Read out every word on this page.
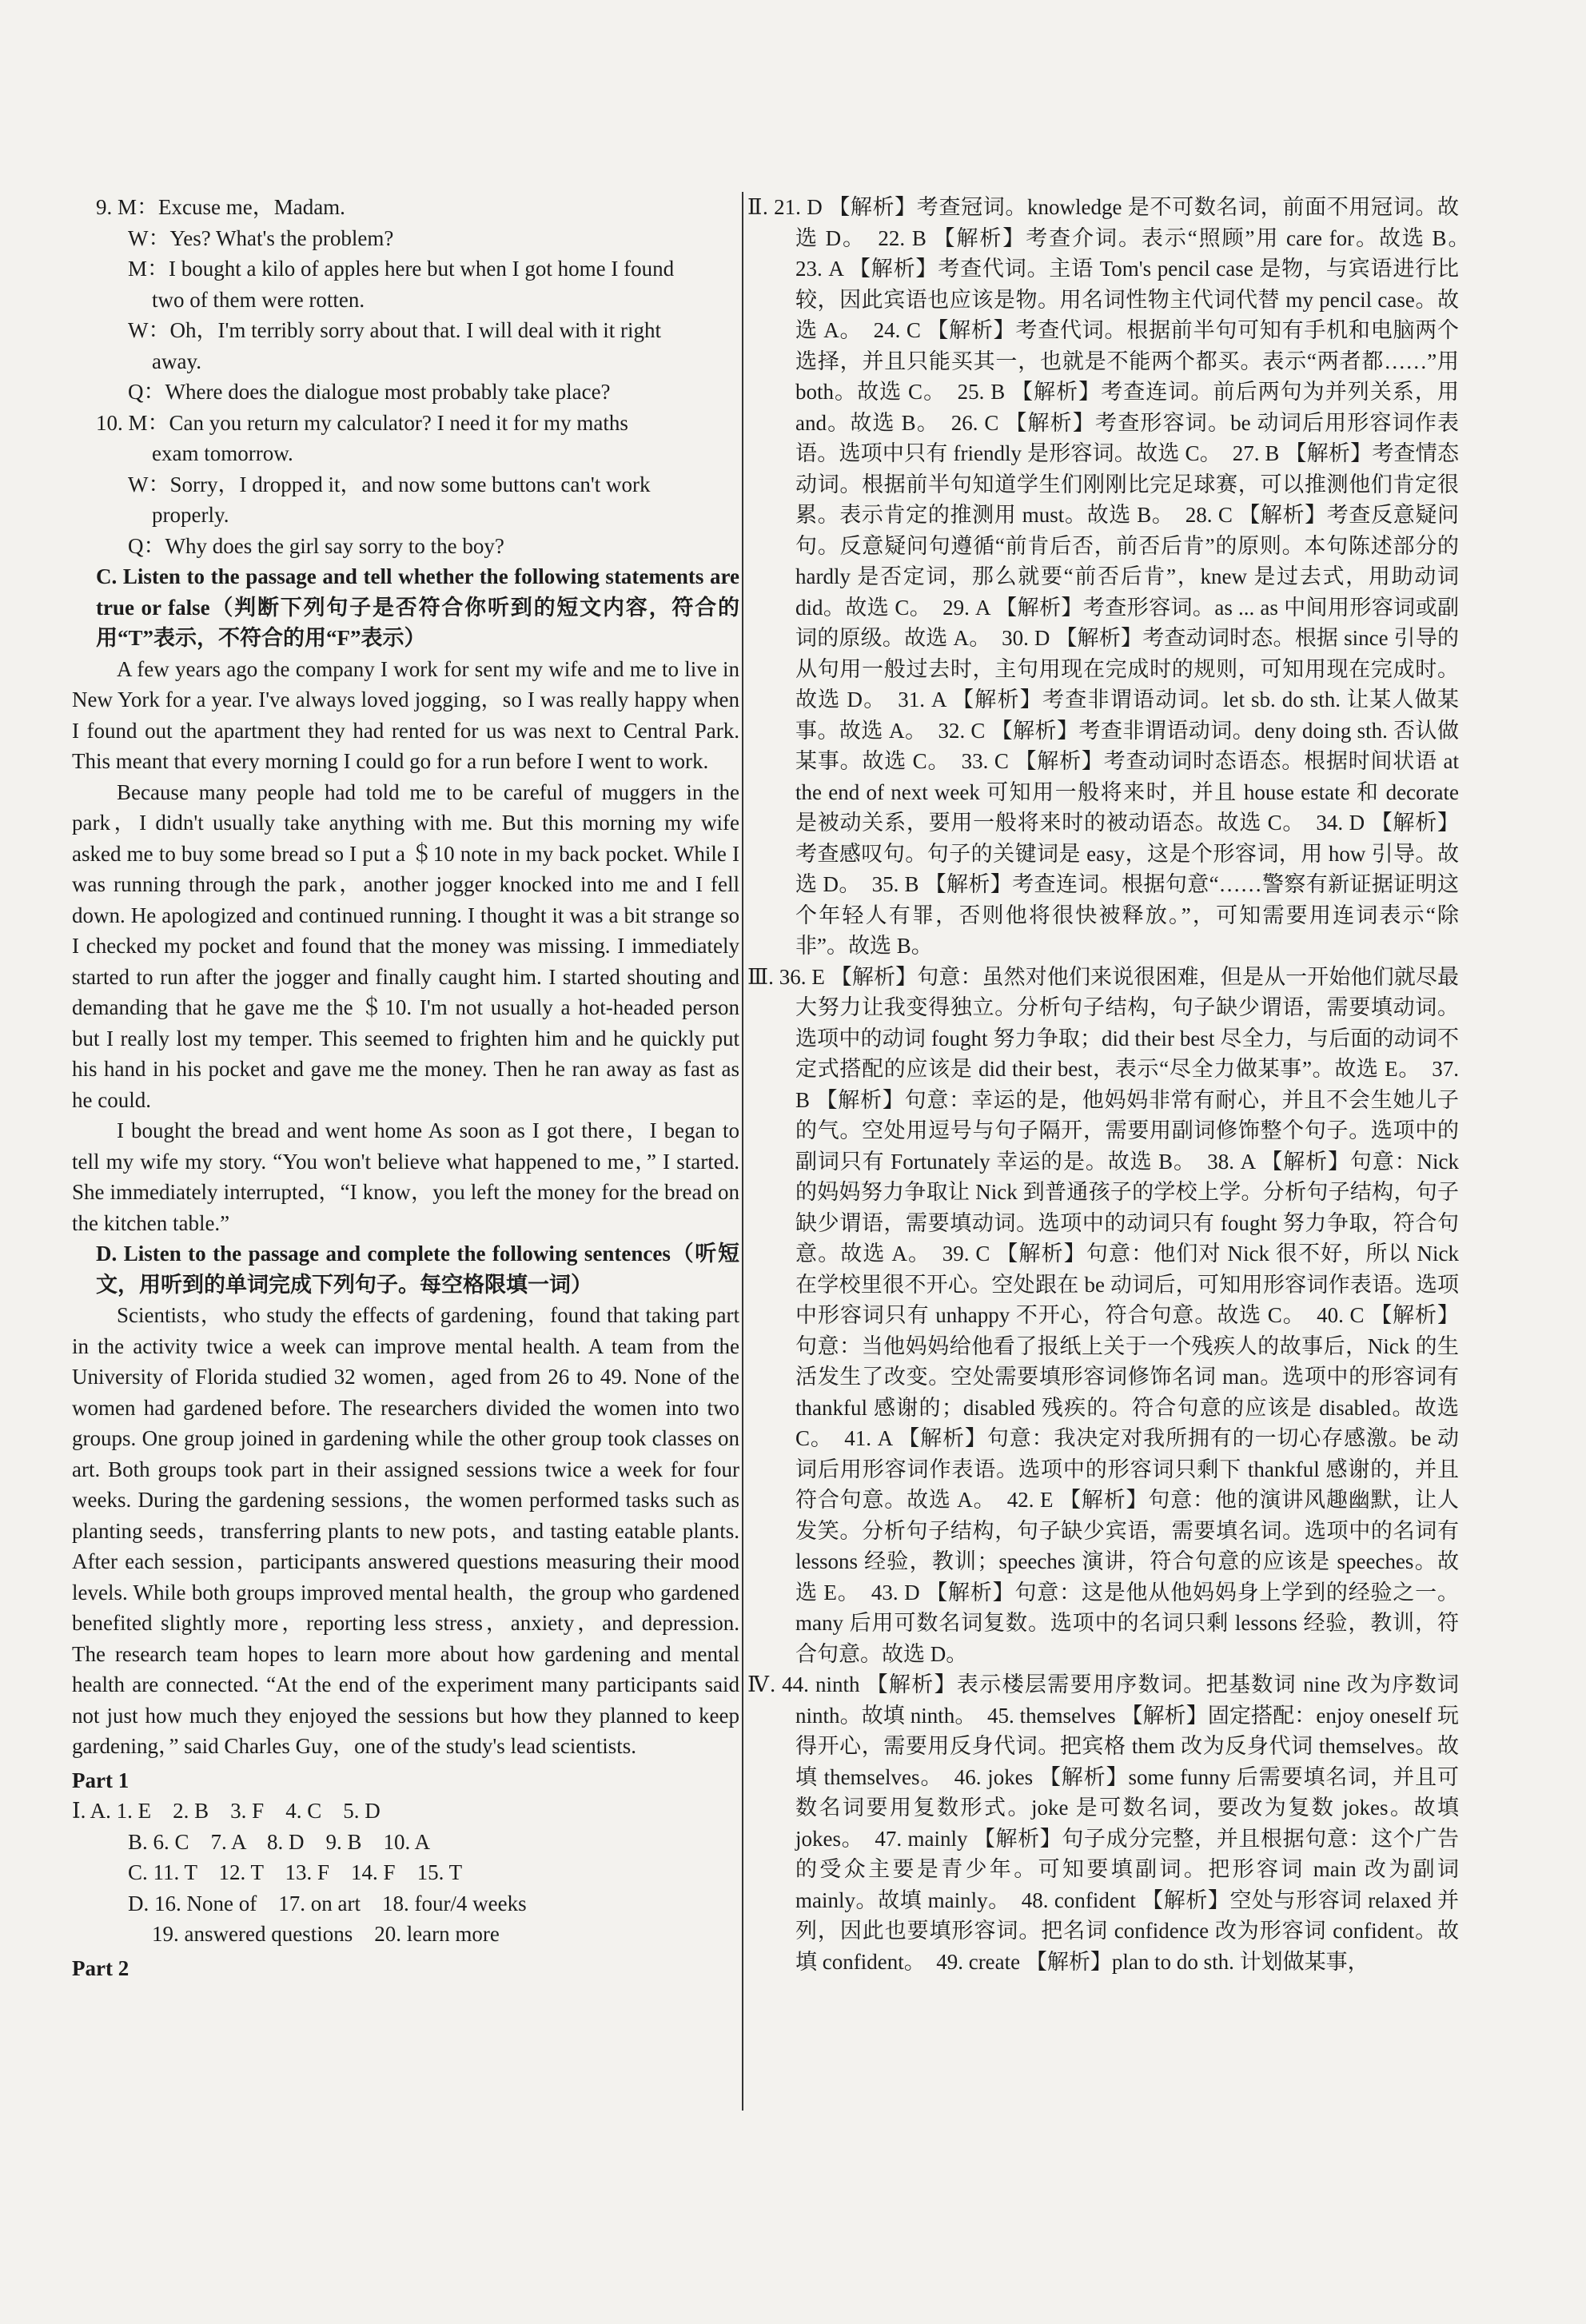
9. M：Excuse me，Madam.

W：Yes? What's the problem?

M：I bought a kilo of apples here but when I got home I found

two of them were rotten.

W：Oh，I'm terribly sorry about that. I will deal with it right

away.

Q：Where does the dialogue most probably take place?

10. M：Can you return my calculator? I need it for my maths

exam tomorrow.

W：Sorry，I dropped it，and now some buttons can't work

properly.

Q：Why does the girl say sorry to the boy?

C. Listen to the passage and tell whether the following statements are true or false（判断下列句子是否符合你听到的短文内容，符合的用“T”表示，不符合的用“F”表示）

A few years ago the company I work for sent my wife and me to live in New York for a year. I've always loved jogging，so I was really happy when I found out the apartment they had rented for us was next to Central Park. This meant that every morning I could go for a run before I went to work.

Because many people had told me to be careful of muggers in the park，I didn't usually take anything with me. But this morning my wife asked me to buy some bread so I put a ＄10 note in my back pocket. While I was running through the park，another jogger knocked into me and I fell down. He apologized and continued running. I thought it was a bit strange so I checked my pocket and found that the money was missing. I immediately started to run after the jogger and finally caught him. I started shouting and demanding that he gave me the ＄10. I'm not usually a hot-headed person but I really lost my temper. This seemed to frighten him and he quickly put his hand in his pocket and gave me the money. Then he ran away as fast as he could.

I bought the bread and went home As soon as I got there，I began to tell my wife my story. “You won't believe what happened to me，” I started. She immediately interrupted，“I know，you left the money for the bread on the kitchen table.”

D. Listen to the passage and complete the following sentences（听短文，用听到的单词完成下列句子。每空格限填一词）

Scientists，who study the effects of gardening，found that taking part in the activity twice a week can improve mental health. A team from the University of Florida studied 32 women，aged from 26 to 49. None of the women had gardened before. The researchers divided the women into two groups. One group joined in gardening while the other group took classes on art. Both groups took part in their assigned sessions twice a week for four weeks. During the gardening sessions，the women performed tasks such as planting seeds，transferring plants to new pots，and tasting eatable plants. After each session，participants answered questions measuring their mood levels. While both groups improved mental health，the group who gardened benefited slightly more，reporting less stress，anxiety，and depression. The research team hopes to learn more about how gardening and mental health are connected. “At the end of the experiment many participants said not just how much they enjoyed the sessions but how they planned to keep gardening，” said Charles Guy，one of the study's lead scientists.

Part 1

Ⅰ. A. 1. E　2. B　3. F　4. C　5. D

B. 6. C　7. A　8. D　9. B　10. A

C. 11. T　12. T　13. F　14. F　15. T

D. 16. None of　17. on art　18. four/4 weeks

19. answered questions　20. learn more

Part 2

Ⅱ. 21. D 【解析】考查冠词。knowledge 是不可数名词，前面不用冠词。故选 D。　22. B 【解析】考查介词。表示“照顾”用 care for。故选 B。　23. A 【解析】考查代词。主语 Tom's pencil case 是物，与宾语进行比较，因此宾语也应该是物。用名词性物主代词代替 my pencil case。故选 A。　24. C 【解析】考查代词。根据前半句可知有手机和电脑两个选择，并且只能买其一，也就是不能两个都买。表示“两者都……”用 both。故选 C。　25. B 【解析】考查连词。前后两句为并列关系，用 and。故选 B。　26. C 【解析】考查形容词。be 动词后用形容词作表语。选项中只有 friendly 是形容词。故选 C。　27. B 【解析】考查情态动词。根据前半句知道学生们刚刚比完足球赛，可以推测他们肯定很累。表示肯定的推测用 must。故选 B。　28. C 【解析】考查反意疑问句。反意疑问句遵循“前肯后否，前否后肯”的原则。本句陈述部分的 hardly 是否定词，那么就要“前否后肯”，knew 是过去式，用助动词 did。故选 C。　29. A 【解析】考查形容词。as ... as 中间用形容词或副词的原级。故选 A。　30. D 【解析】考查动词时态。根据 since 引导的从句用一般过去时，主句用现在完成时的规则，可知用现在完成时。故选 D。　31. A 【解析】考查非谓语动词。let sb. do sth. 让某人做某事。故选 A。　32. C 【解析】考查非谓语动词。deny doing sth. 否认做某事。故选 C。　33. C 【解析】考查动词时态语态。根据时间状语 at the end of next week 可知用一般将来时，并且 house estate 和 decorate 是被动关系，要用一般将来时的被动语态。故选 C。　34. D 【解析】考查感叹句。句子的关键词是 easy，这是个形容词，用 how 引导。故选 D。　35. B 【解析】考查连词。根据句意“……警察有新证据证明这个年轻人有罪，否则他将很快被释放。”，可知需要用连词表示“除非”。故选 B。

Ⅲ. 36. E 【解析】句意：虽然对他们来说很困难，但是从一开始他们就尽最大努力让我变得独立。分析句子结构，句子缺少谓语，需要填动词。选项中的动词 fought 努力争取；did their best 尽全力，与后面的动词不定式搭配的应该是 did their best，表示“尽全力做某事”。故选 E。　37. B 【解析】句意：幸运的是，他妈妈非常有耐心，并且不会生她儿子的气。空处用逗号与句子隔开，需要用副词修饰整个句子。选项中的副词只有 Fortunately 幸运的是。故选 B。　38. A 【解析】句意：Nick 的妈妈努力争取让 Nick 到普通孩子的学校上学。分析句子结构，句子缺少谓语，需要填动词。选项中的动词只有 fought 努力争取，符合句意。故选 A。　39. C 【解析】句意：他们对 Nick 很不好，所以 Nick 在学校里很不开心。空处跟在 be 动词后，可知用形容词作表语。选项中形容词只有 unhappy 不开心，符合句意。故选 C。　40. C 【解析】句意：当他妈妈给他看了报纸上关于一个残疾人的故事后，Nick 的生活发生了改变。空处需要填形容词修饰名词 man。选项中的形容词有 thankful 感谢的；disabled 残疾的。符合句意的应该是 disabled。故选 C。　41. A 【解析】句意：我决定对我所拥有的一切心存感激。be 动词后用形容词作表语。选项中的形容词只剩下 thankful 感谢的，并且符合句意。故选 A。　42. E 【解析】句意：他的演讲风趣幽默，让人发笑。分析句子结构，句子缺少宾语，需要填名词。选项中的名词有 lessons 经验，教训；speeches 演讲，符合句意的应该是 speeches。故选 E。　43. D 【解析】句意：这是他从他妈妈身上学到的经验之一。many 后用可数名词复数。选项中的名词只剩 lessons 经验，教训，符合句意。故选 D。

Ⅳ. 44. ninth 【解析】表示楼层需要用序数词。把基数词 nine 改为序数词 ninth。故填 ninth。　45. themselves 【解析】固定搭配：enjoy oneself 玩得开心，需要用反身代词。把宾格 them 改为反身代词 themselves。故填 themselves。　46. jokes 【解析】some funny 后需要填名词，并且可数名词要用复数形式。joke 是可数名词，要改为复数 jokes。故填 jokes。　47. mainly 【解析】句子成分完整，并且根据句意：这个广告的受众主要是青少年。可知要填副词。把形容词 main 改为副词 mainly。故填 mainly。　48. confident 【解析】空处与形容词 relaxed 并列，因此也要填形容词。把名词 confidence 改为形容词 confident。故填 confident。　49. create 【解析】plan to do sth. 计划做某事，
